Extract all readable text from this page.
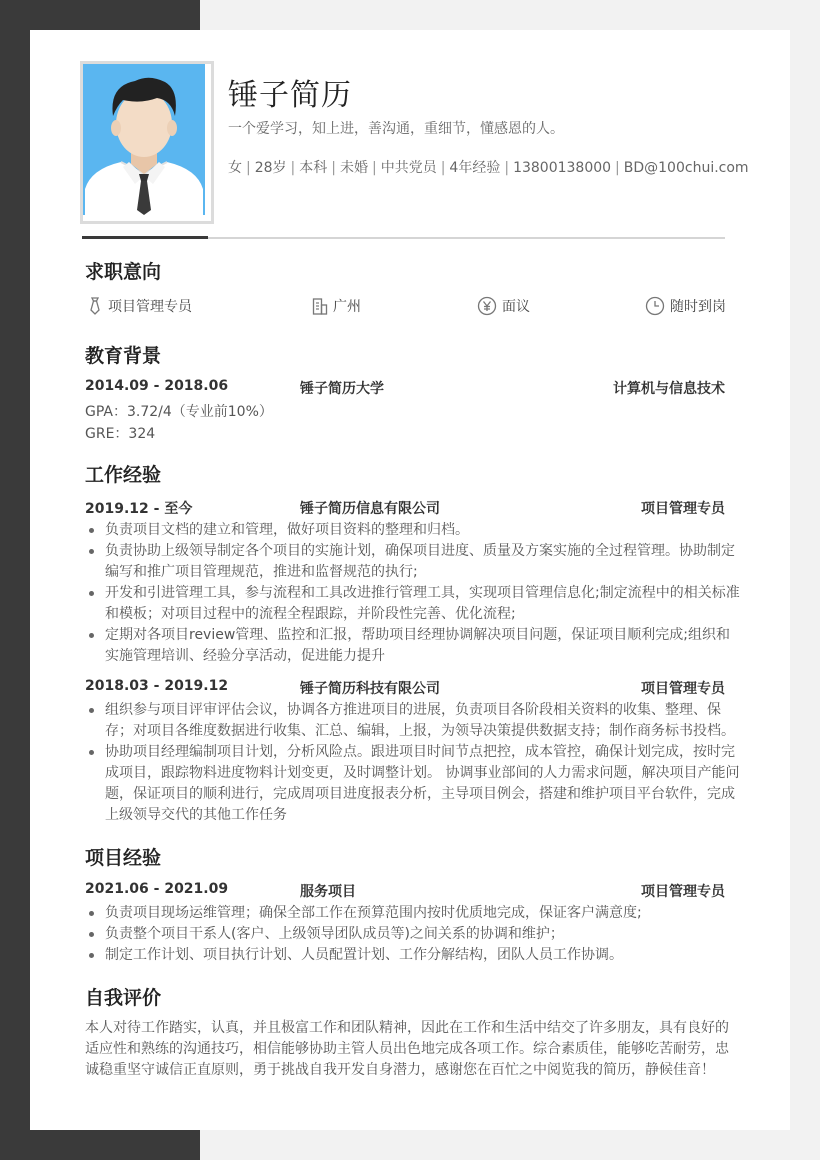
锤子简历
一个爱学习，知上进，善沟通，重细节，懂感恩的人。
女 | 28岁 | 本科 | 未婚 | 中共党员 | 4年经验 | 13800138000 | BD@100chui.com
求职意向
项目管理专员	广州	面议	随时到岗
教育背景
2014.09 - 2018.06	锤子简历大学	计算机与信息技术
GPA：3.72/4（专业前10%）
GRE：324
工作经验
2019.12 - 至今	锤子简历信息有限公司	项目管理专员
负责项目文档的建立和管理，做好项目资料的整理和归档。
负责协助上级领导制定各个项目的实施计划，确保项目进度、质量及方案实施的全过程管理。协助制定编写和推广项目管理规范，推进和监督规范的执行;
开发和引进管理工具，参与流程和工具改进推行管理工具，实现项目管理信息化;制定流程中的相关标准和模板；对项目过程中的流程全程跟踪，并阶段性完善、优化流程;
定期对各项目review管理、监控和汇报，帮助项目经理协调解决项目问题，保证项目顺利完成;组织和实施管理培训、经验分享活动，促进能力提升
2018.03 - 2019.12	锤子简历科技有限公司	项目管理专员
组织参与项目评审评估会议，协调各方推进项目的进展，负责项目各阶段相关资料的收集、整理、保存；对项目各维度数据进行收集、汇总、编辑，上报，为领导决策提供数据支持；制作商务标书投档。
协助项目经理编制项目计划，分析风险点。跟进项目时间节点把控，成本管控，确保计划完成，按时完成项目，跟踪物料进度物料计划变更，及时调整计划。 协调事业部间的人力需求问题，解决项目产能问题，保证项目的顺利进行，完成周项目进度报表分析，主导项目例会，搭建和维护项目平台软件，完成上级领导交代的其他工作任务
项目经验
2021.06 - 2021.09	服务项目	项目管理专员
负责项目现场运维管理；确保全部工作在预算范围内按时优质地完成，保证客户满意度;
负责整个项目干系人(客户、上级领导团队成员等)之间关系的协调和维护；
制定工作计划、项目执行计划、人员配置计划、工作分解结构，团队人员工作协调。
自我评价
本人对待工作踏实，认真，并且极富工作和团队精神，因此在工作和生活中结交了许多朋友，具有良好的适应性和熟练的沟通技巧，相信能够协助主管人员出色地完成各项工作。综合素质佳，能够吃苦耐劳，忠诚稳重坚守诚信正直原则，勇于挑战自我开发自身潜力，感谢您在百忙之中阅览我的简历，静候佳音！
